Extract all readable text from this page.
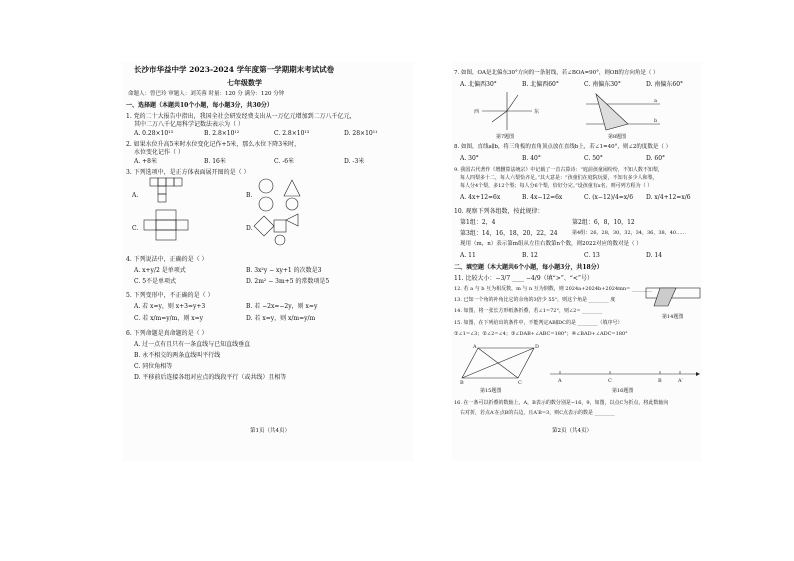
长沙市华益中学 2023-2024 学年度第一学期期末考试试卷
七年级数学
命题人：曾巴玲 审题人：刘芙蓉 时量：120 分 满分：120 分钟
一、选择题（本题共10个小题，每小题3分，共30分）
1. 党的二十大报告中指出，我国全社会研发经费支出从一万亿元增加到二万八千亿元，
其中二万八千亿用科学记数法表示为（ ）
A. 0.28×10¹³	B. 2.8×10¹²	C. 2.8×10¹³	D. 28×10¹¹
2. 如果水位升高5米时水位变化记作+5米，那么水位下降3米时，
水位变化记作（ ）
A. +8米	B. 16米	C. -6米	D. -3米
3. 下列选项中，是正方体表面展开图的是（ ）
A.	B.
C.	D.
4. 下列说法中，正确的是（ ）
A. x+y/2 是单项式	B. 3x²y − xy+1 的次数是3
C. 5不是单项式	D. 2m² − 3m+5 的常数项是5
5. 下列变形中，不正确的是（ ）
A. 若 x=y，则 x+3=y+3	B. 若 −2x=−2y，则 x=y
C. 若 x/m=y/m，则 x=y	D. 若 x=y，则 x/m=y/m
6. 下列命题是真命题的是（ ）
A. 过一点有且只有一条直线与已知直线垂直
B. 永不相交的两条直线叫平行线
C. 同位角相等
D. 平移前后连接各组对应点的线段平行（或共线）且相等
第1页（共4页）
7. 如图，OA是北偏东30°方向的一条射线，若∠BOA=90°，则OB的方向角是（ ）
A. 北偏西30°	B. 北偏西60°	C. 南偏东30°	D. 南偏东60°
西	东
第7题图
a
b
第8题图
8. 如图，直线a∥b，将三角板的直角顶点放在直线b上，若∠1=40°，则∠2的度数是（ ）
A. 30°	B. 40°	C. 50°	D. 60°
9. 我国古代著作《增删算法统宗》中记载了一首古算诗：“庭前孩童闹纷纷，不知人数不知梨，
每人四梨多十二，每人六梨恰齐足。”其大意是：“孩童们在庭院玩耍，不知有多少人和梨，
每人分4个梨，多12个梨；每人分6个梨，恰好分完。”设孩童有x名，则可列方程为（ ）
A. 4x+12=6x	B. 4x−12=6x	C. (x−12)/4=x/6 D. x/4+12=x/6
10. 观察下列各组数，按此规律：
第1组：2，4	第2组：6，8，10，12
第3组：14，16，18，20，22，24	第4组：26，28，30，32，34，36，38，40……
现用（m，n）表示第m组从左往右数第n个数，则2022对应的数对是（ ）
A. 11	B. 12	C. 13	D. 14
二、填空题（本大题共6个小题，每小题3分，共18分）
第14题图
11. 比较大小：−3/7 ____ −4/9（填“>”、“<”号）
12. 若 a 与 b 互为相反数，m 与 n 互为倒数，则 2024a+2024b+2024mn= ________
13. 已知一个角的补角比它的余角的3倍少 55°，则这个角是 ________ 度
14. 如图，将一张长方形纸条折叠，若∠1=72°，则∠2= ________
15. 如图，在下列给出的条件中，不能判定AB∥DC的是 ________（填序号）
①∠1=∠3；②∠2=∠4；③∠DAB+∠ABC=180°；④∠BAD+∠ADC=180°
A	D
B	C
第15题图
A	C	B	A′
第16题图
16. 在一条可以折叠的数轴上，A，B表示的数分别是−16，9，如图，以点C为折点，将此数轴向
右对折，若点A′在点B的右边，且A′B=3，则C点表示的数是 ________
第2页（共4页）
